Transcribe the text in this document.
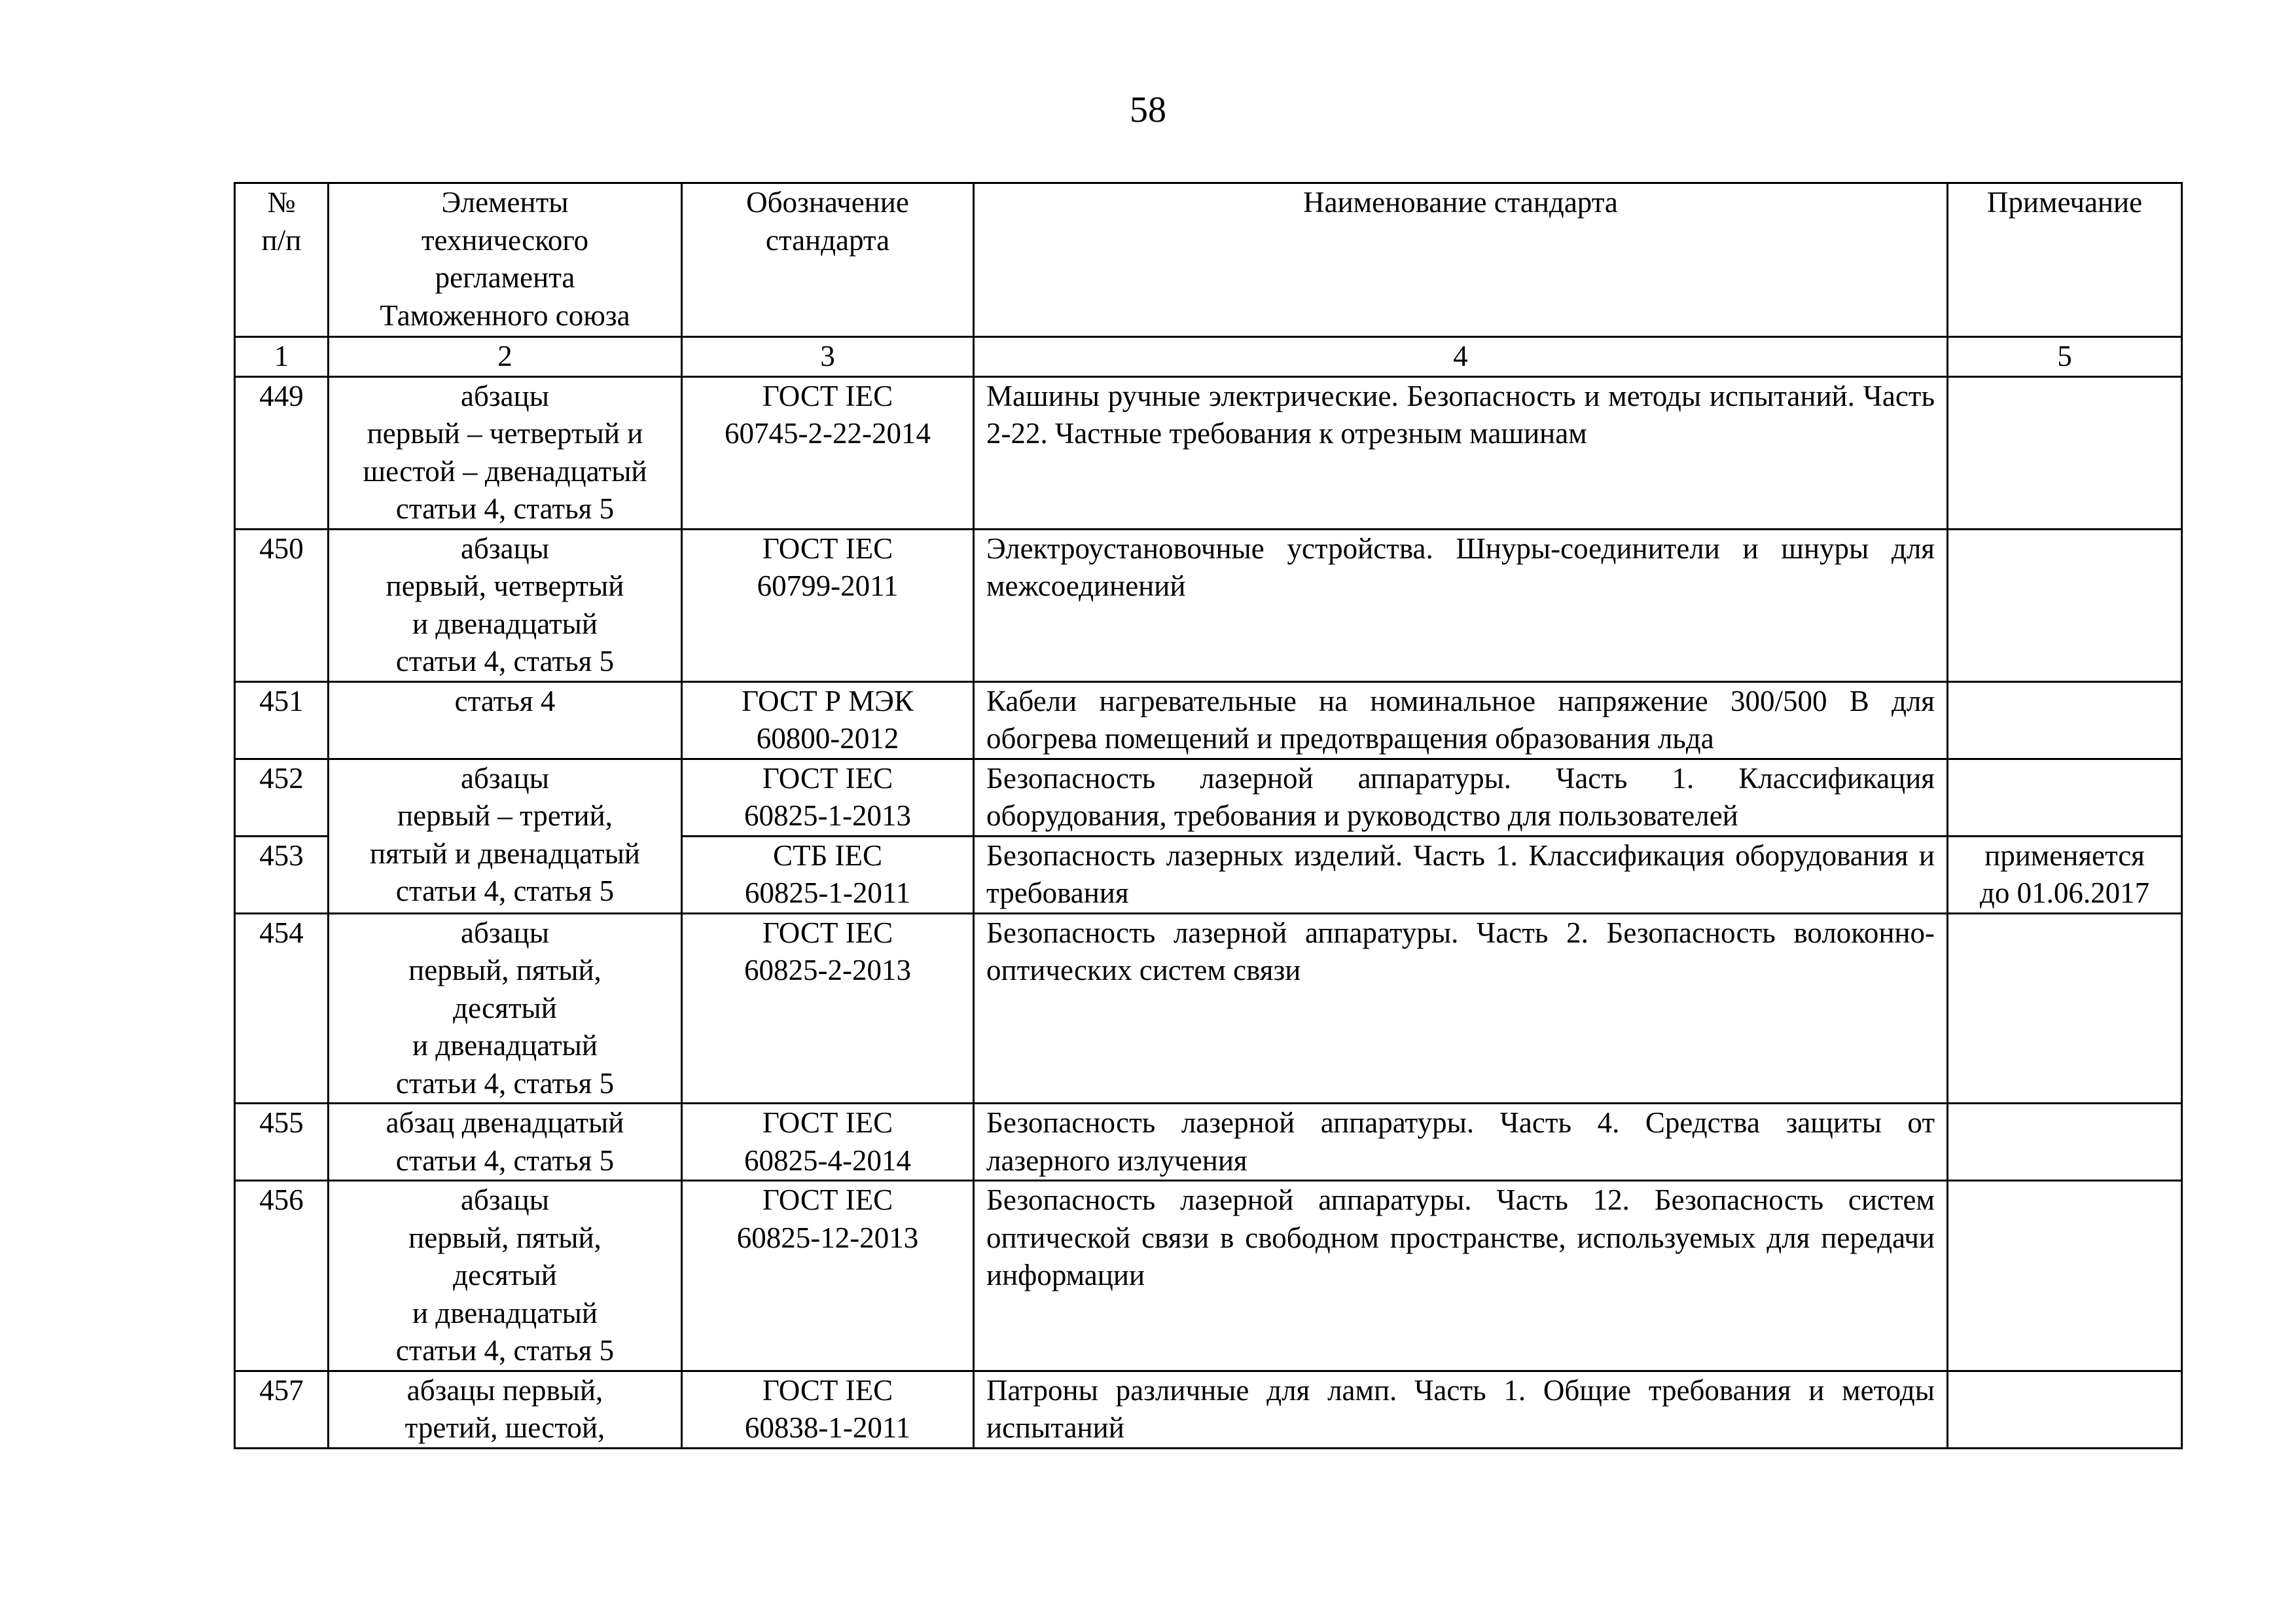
58
№
п/п	Элементы
технического
регламента
Таможенного союза	Обозначение
стандарта	Наименование стандарта	Примечание
1	2	3	4	5
449	абзацы
первый – четвертый и
шестой – двенадцатый
статьи 4, статья 5	ГОСТ IEC
60745-2-22-2014	Машины ручные электрические. Безопасность и методы испытаний. Часть 2-22. Частные требования к отрезным машинам	
450	абзацы
первый, четвертый
и двенадцатый
статьи 4, статья 5	ГОСТ IEC
60799-2011	Электроустановочные устройства. Шнуры-соединители и шнуры для межсоединений	
451	статья 4	ГОСТ Р МЭК
60800-2012	Кабели нагревательные на номинальное напряжение 300/500 В для обогрева помещений и предотвращения образования льда	
452	абзацы
первый – третий,
пятый и двенадцатый
статьи 4, статья 5	ГОСТ IEC
60825-1-2013	Безопасность лазерной аппаратуры. Часть 1. Классификация оборудования, требования и руководство для пользователей	
453		СТБ IEC
60825-1-2011	Безопасность лазерных изделий. Часть 1. Классификация оборудования и требования	применяется
до 01.06.2017
454	абзацы
первый, пятый,
десятый
и двенадцатый
статьи 4, статья 5	ГОСТ IEC
60825-2-2013	Безопасность лазерной аппаратуры. Часть 2. Безопасность волоконно-оптических систем связи	
455	абзац двенадцатый
статьи 4, статья 5	ГОСТ IEC
60825-4-2014	Безопасность лазерной аппаратуры. Часть 4. Средства защиты от лазерного излучения	
456	абзацы
первый, пятый,
десятый
и двенадцатый
статьи 4, статья 5	ГОСТ IEC
60825-12-2013	Безопасность лазерной аппаратуры. Часть 12. Безопасность систем оптической связи в свободном пространстве, используемых для передачи информации	
457	абзацы первый,
третий, шестой,	ГОСТ IEC
60838-1-2011	Патроны различные для ламп. Часть 1. Общие требования и методы испытаний	
